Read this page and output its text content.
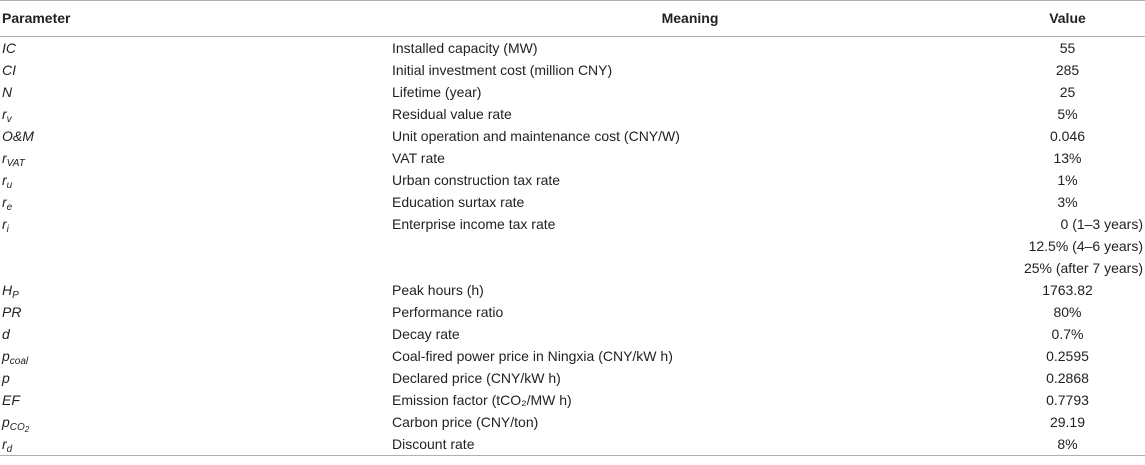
Parameter	Meaning	Value
IC	Installed capacity (MW)	55
CI	Initial investment cost (million CNY)	285
N	Lifetime (year)	25
$r_v$	Residual value rate	5%
O&M	Unit operation and maintenance cost (CNY/W)	0.046
$r_{VAT}$	VAT rate	13%
$r_u$	Urban construction tax rate	1%
$r_e$	Education surtax rate	3%
$r_i$	Enterprise income tax rate	0 (1–3 years)
		12.5% (4–6 years)
		25% (after 7 years)
$H_P$	Peak hours (h)	1763.82
PR	Performance ratio	80%
d	Decay rate	0.7%
$p_{coal}$	Coal-fired power price in Ningxia (CNY/kW h)	0.2595
p	Declared price (CNY/kW h)	0.2868
EF	Emission factor (tCO₂/MW h)	0.7793
$p_{CO_2}$	Carbon price (CNY/ton)	29.19
$r_d$	Discount rate	8%
